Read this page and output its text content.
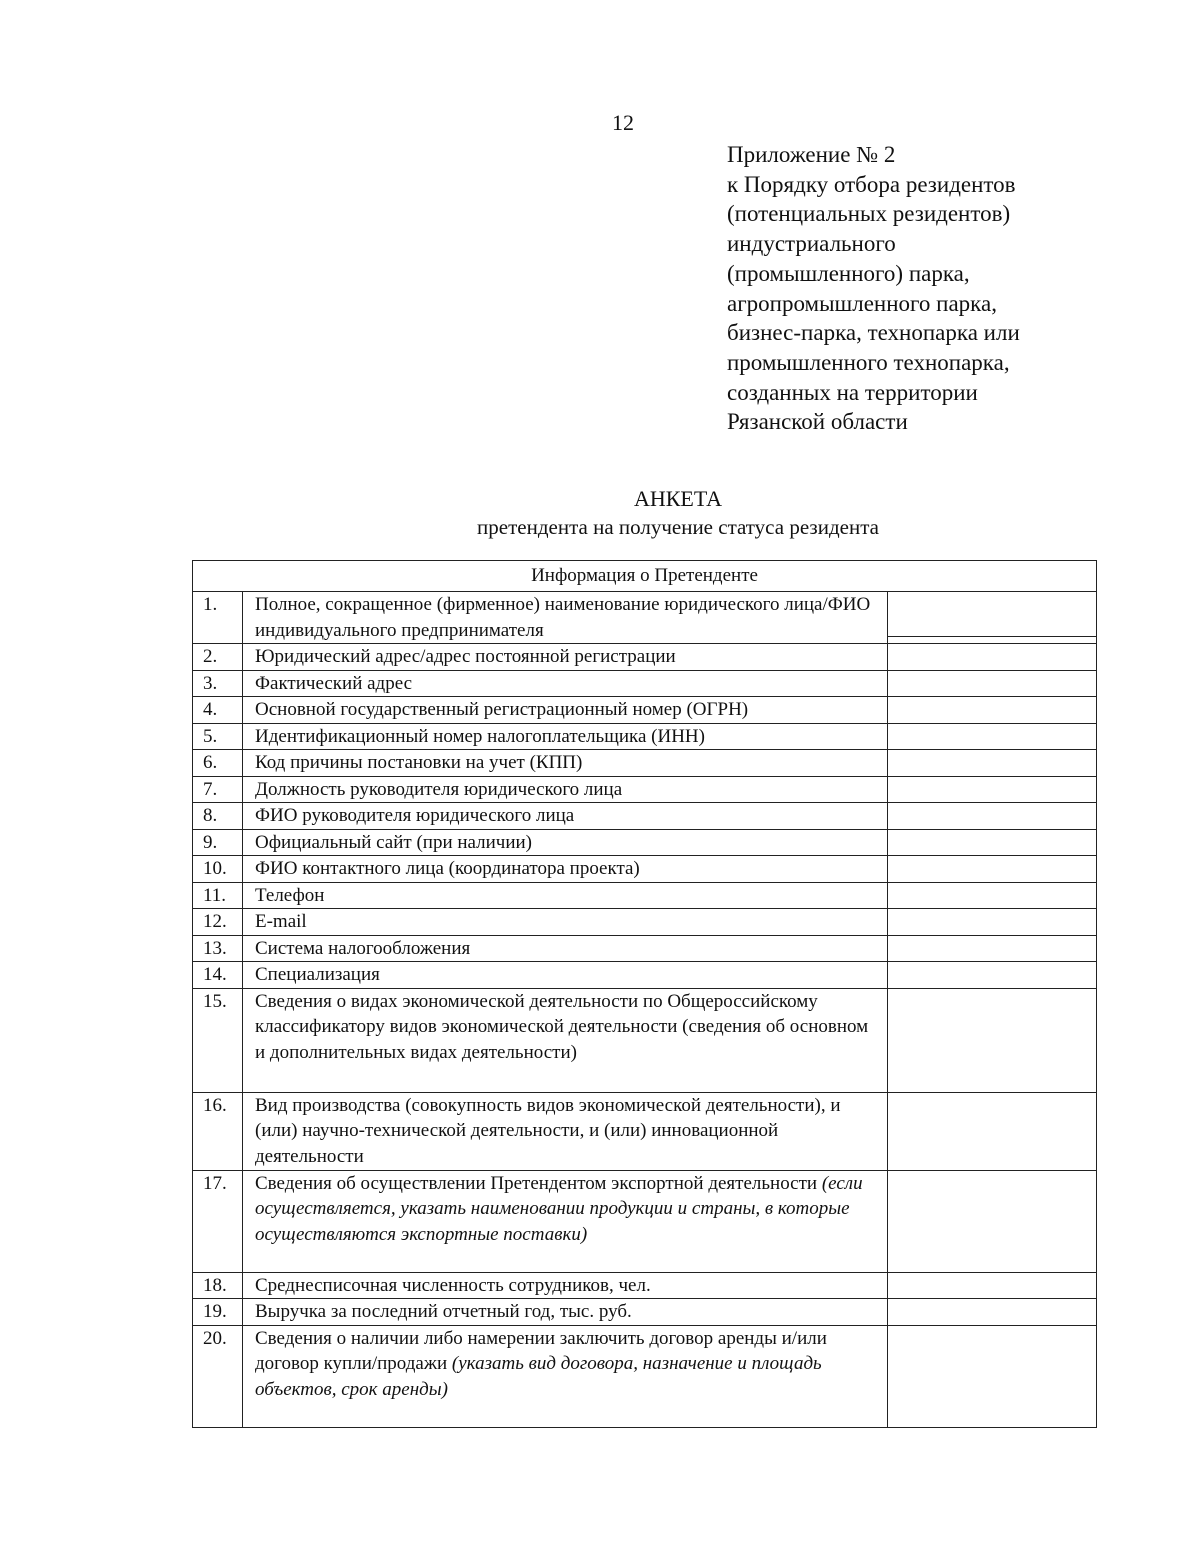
12
Приложение № 2
к Порядку отбора резидентов
(потенциальных резидентов)
индустриального
(промышленного) парка,
агропромышленного парка,
бизнес-парка, технопарка или
промышленного технопарка,
созданных на территории
Рязанской области
АНКЕТА
претендента на получение статуса резидента
Информация о Претенденте		
1.	Полное, сокращенное (фирменное) наименование юридического лица/ФИО индивидуального предпринимателя	

2.	Юридический адрес/адрес постоянной регистрации	
3.	Фактический адрес	
4.	Основной государственный регистрационный номер (ОГРН)	
5.	Идентификационный номер налогоплательщика (ИНН)	
6.	Код причины постановки на учет (КПП)	
7.	Должность руководителя юридического лица	
8.	ФИО руководителя юридического лица	
9.	Официальный сайт (при наличии)	
10.	ФИО контактного лица (координатора проекта)	
11.	Телефон	
12.	E-mail	
13.	Система налогообложения	
14.	Специализация	
15.	Сведения о видах экономической деятельности по Общероссийскому классификатору видов экономической деятельности (сведения об основном и дополнительных видах деятельности)	
16.	Вид производства (совокупность видов экономической деятельности), и (или) научно-технической деятельности, и (или) инновационной деятельности	
17.	Сведения об осуществлении Претендентом экспортной деятельности (если осуществляется, указать наименовании продукции и страны, в которые осуществляются экспортные поставки)	
18.	Среднесписочная численность сотрудников, чел.	
19.	Выручка за последний отчетный год, тыс. руб.	
20.	Сведения о наличии либо намерении заключить договор аренды и/или договор купли/продажи (указать вид договора, назначение и площадь объектов, срок аренды)	
